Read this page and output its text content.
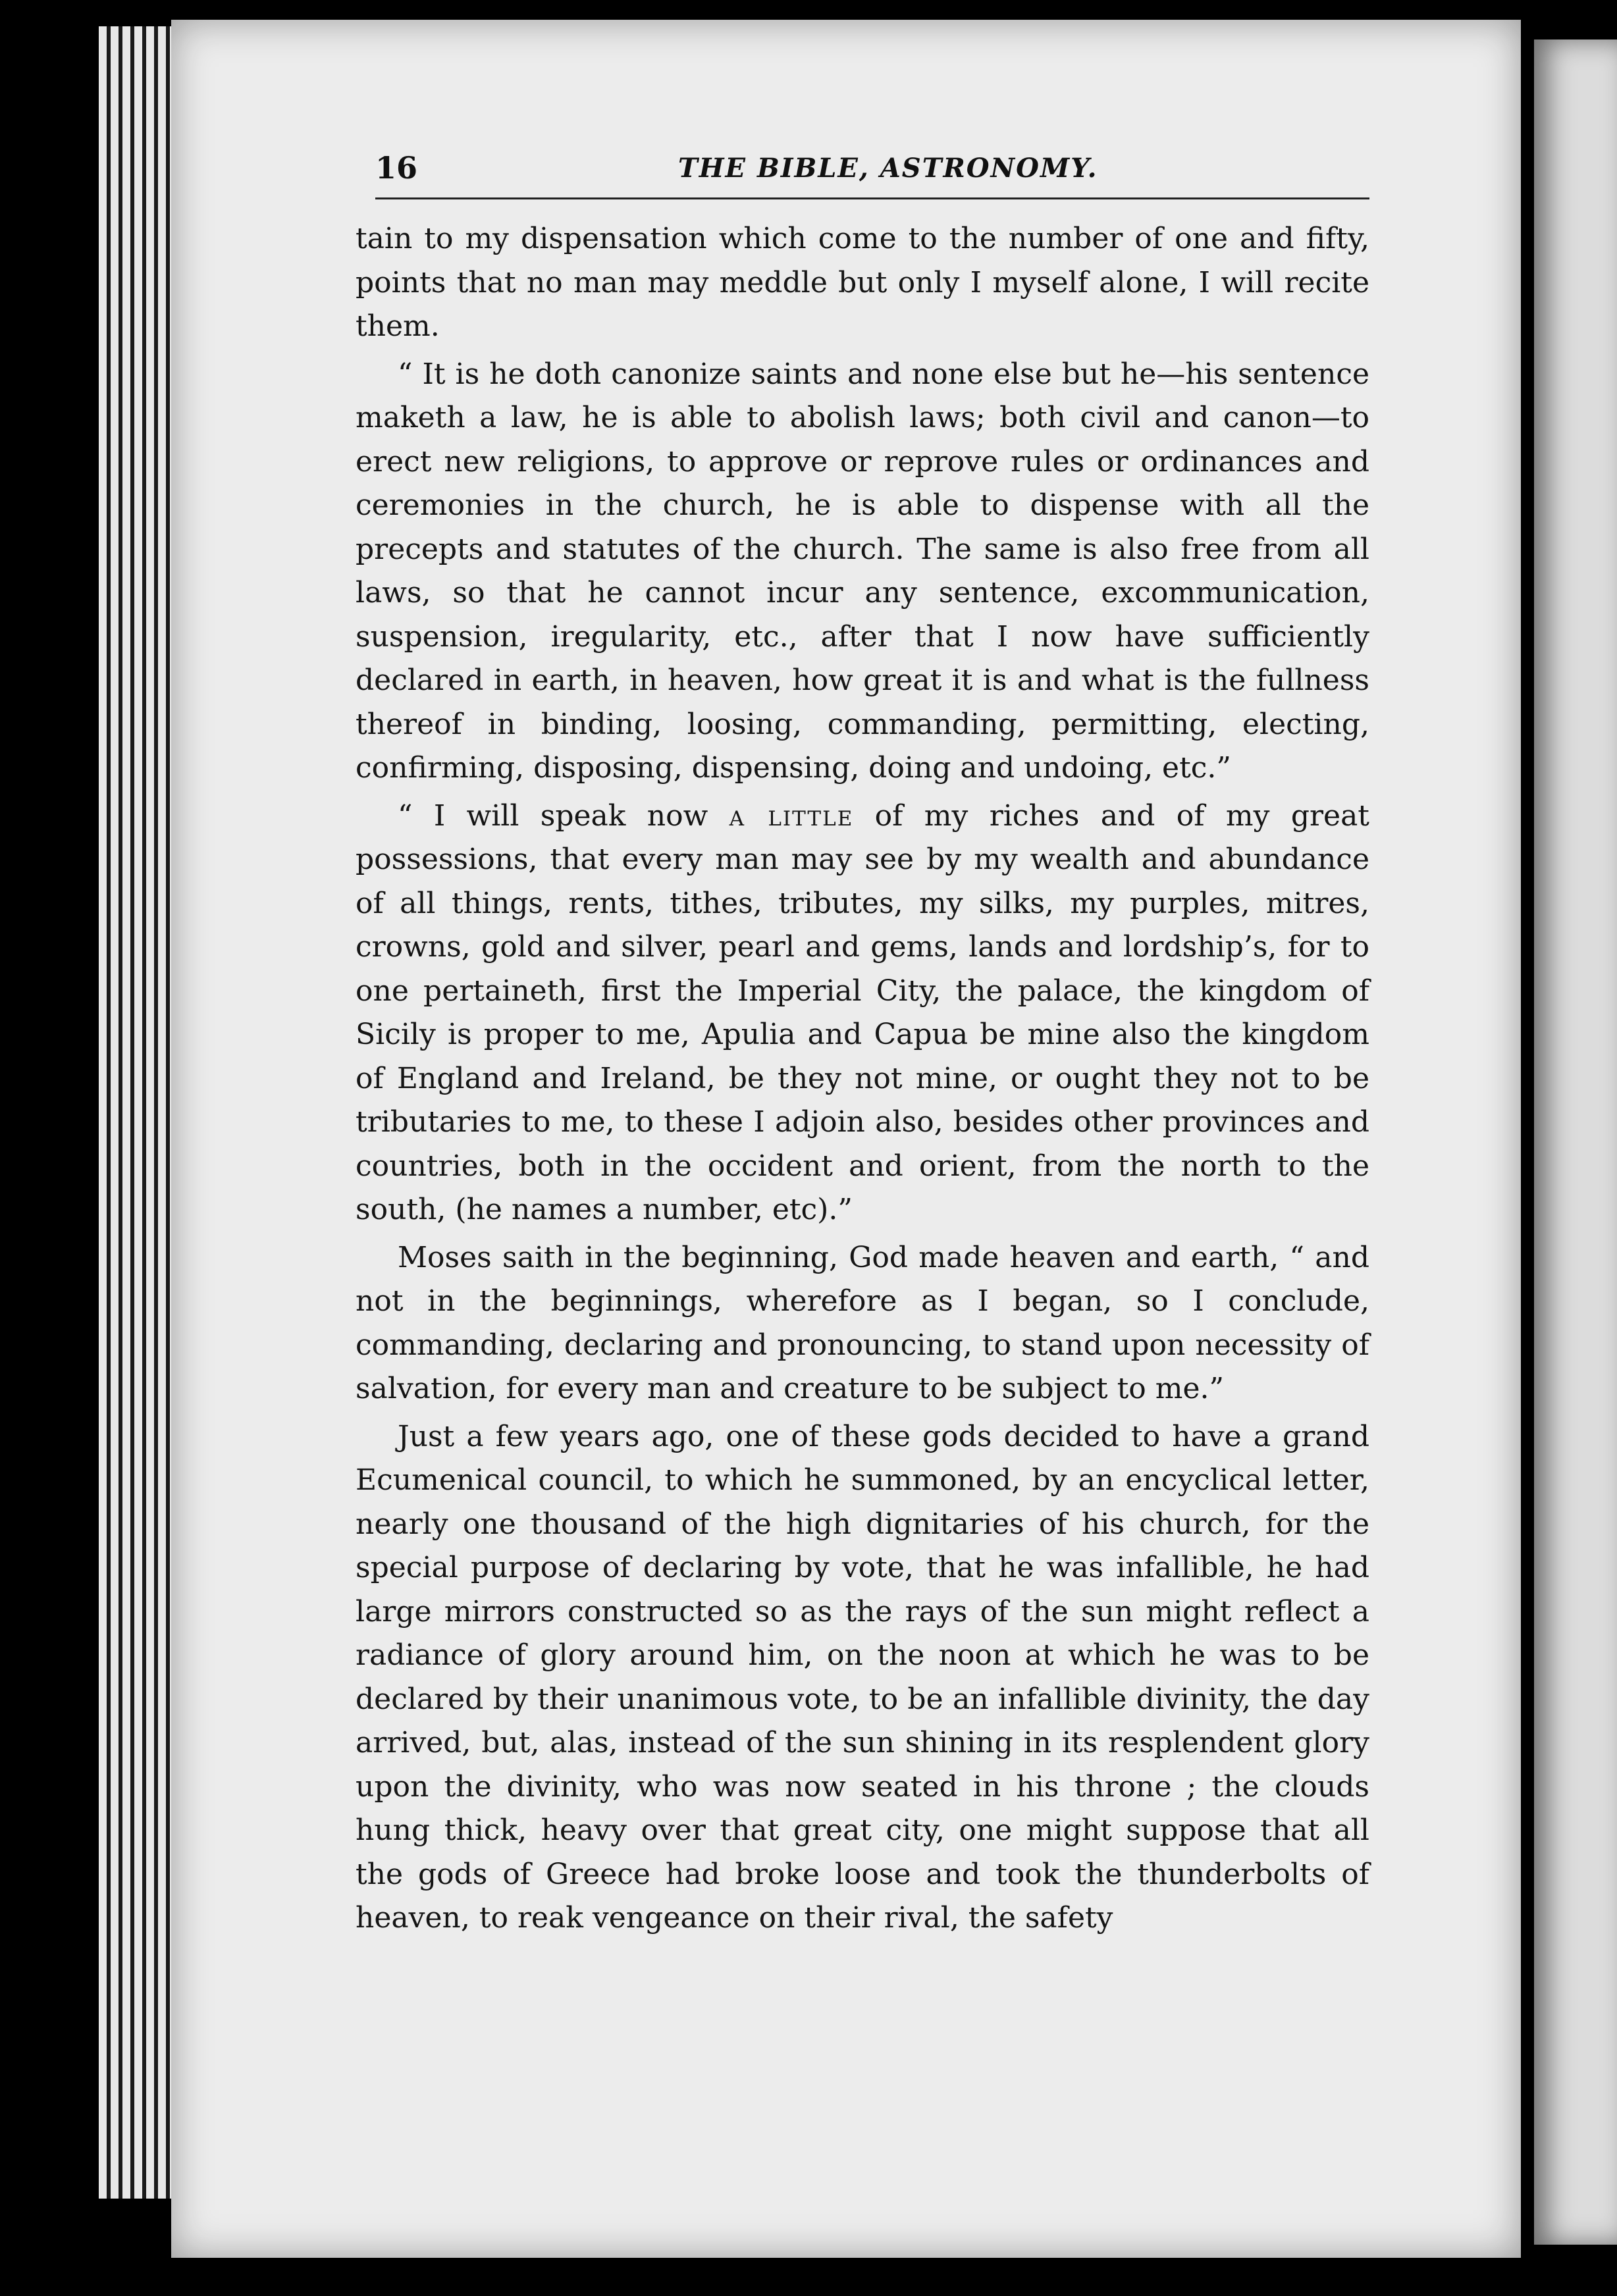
16	THE BIBLE, ASTRONOMY.

tain to my dispensation which come to the number of one and fifty, points that no man may meddle but only I myself alone, I will recite them.

“ It is he doth canonize saints and none else but he—his sentence maketh a law, he is able to abolish laws; both civil and canon—to erect new religions, to approve or reprove rules or ordinances and ceremonies in the church, he is able to dispense with all the precepts and statutes of the church. The same is also free from all laws, so that he cannot incur any sentence, excommunication, suspension, iregularity, etc., after that I now have sufficiently declared in earth, in heaven, how great it is and what is the fullness thereof in binding, loosing, commanding, permitting, electing, confirming, disposing, dispensing, doing and undoing, etc.”

“ I will speak now a little of my riches and of my great possessions, that every man may see by my wealth and abundance of all things, rents, tithes, tributes, my silks, my purples, mitres, crowns, gold and silver, pearl and gems, lands and lordship’s, for to one pertaineth, first the Imperial City, the palace, the kingdom of Sicily is proper to me, Apulia and Capua be mine also the kingdom of England and Ireland, be they not mine, or ought they not to be tributaries to me, to these I adjoin also, besides other provinces and countries, both in the occident and orient, from the north to the south, (he names a number, etc).”

Moses saith in the beginning, God made heaven and earth, “ and not in the beginnings, wherefore as I began, so I conclude, commanding, declaring and pronouncing, to stand upon necessity of salvation, for every man and creature to be subject to me.”

Just a few years ago, one of these gods decided to have a grand Ecumenical council, to which he summoned, by an encyclical letter, nearly one thousand of the high dignitaries of his church, for the special purpose of declaring by vote, that he was infallible, he had large mirrors constructed so as the rays of the sun might reflect a radiance of glory around him, on the noon at which he was to be declared by their unanimous vote, to be an infallible divinity, the day arrived, but, alas, instead of the sun shining in its resplendent glory upon the divinity, who was now seated in his throne ; the clouds hung thick, heavy over that great city, one might suppose that all the gods of Greece had broke loose and took the thunderbolts of heaven, to reak vengeance on their rival, the safety
